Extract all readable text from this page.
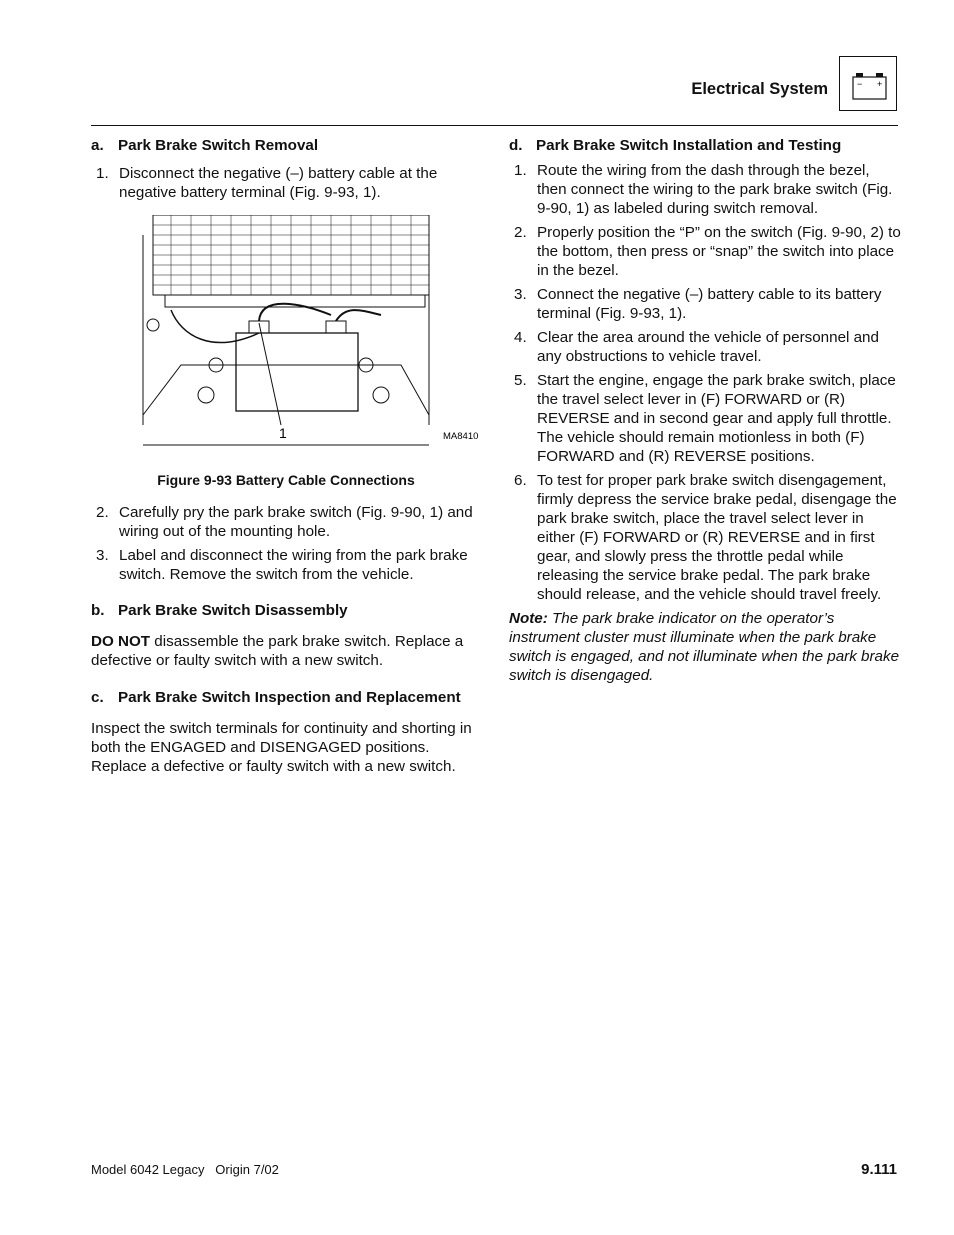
Electrical System	− +
a. Park Brake Switch Removal
1. Disconnect the negative (–) battery cable at the negative battery terminal (Fig. 9-93, 1).
1	MA8410
Figure 9-93 Battery Cable Connections
2. Carefully pry the park brake switch (Fig. 9-90, 1) and wiring out of the mounting hole.
3. Label and disconnect the wiring from the park brake switch. Remove the switch from the vehicle.
b. Park Brake Switch Disassembly

DO NOT disassemble the park brake switch. Replace a defective or faulty switch with a new switch.

c. Park Brake Switch Inspection and Replacement

Inspect the switch terminals for continuity and shorting in both the ENGAGED and DISENGAGED positions. Replace a defective or faulty switch with a new switch.

d. Park Brake Switch Installation and Testing
1. Route the wiring from the dash through the bezel, then connect the wiring to the park brake switch (Fig. 9-90, 1) as labeled during switch removal.
2. Properly position the “P” on the switch (Fig. 9-90, 2) to the bottom, then press or “snap” the switch into place in the bezel.
3. Connect the negative (–) battery cable to its battery terminal (Fig. 9-93, 1).
4. Clear the area around the vehicle of personnel and any obstructions to vehicle travel.
5. Start the engine, engage the park brake switch, place the travel select lever in (F) FORWARD or (R) REVERSE and in second gear and apply full throttle. The vehicle should remain motionless in both (F) FORWARD and (R) REVERSE positions.
6. To test for proper park brake switch disengagement, firmly depress the service brake pedal, disengage the park brake switch, place the travel select lever in either (F) FORWARD or (R) REVERSE and in first gear, and slowly press the throttle pedal while releasing the service brake pedal. The park brake should release, and the vehicle should travel freely.

Note: The park brake indicator on the operator’s instrument cluster must illuminate when the park brake switch is engaged, and not illuminate when the park brake switch is disengaged.

Model 6042 Legacy   Origin 7/02	9.111
